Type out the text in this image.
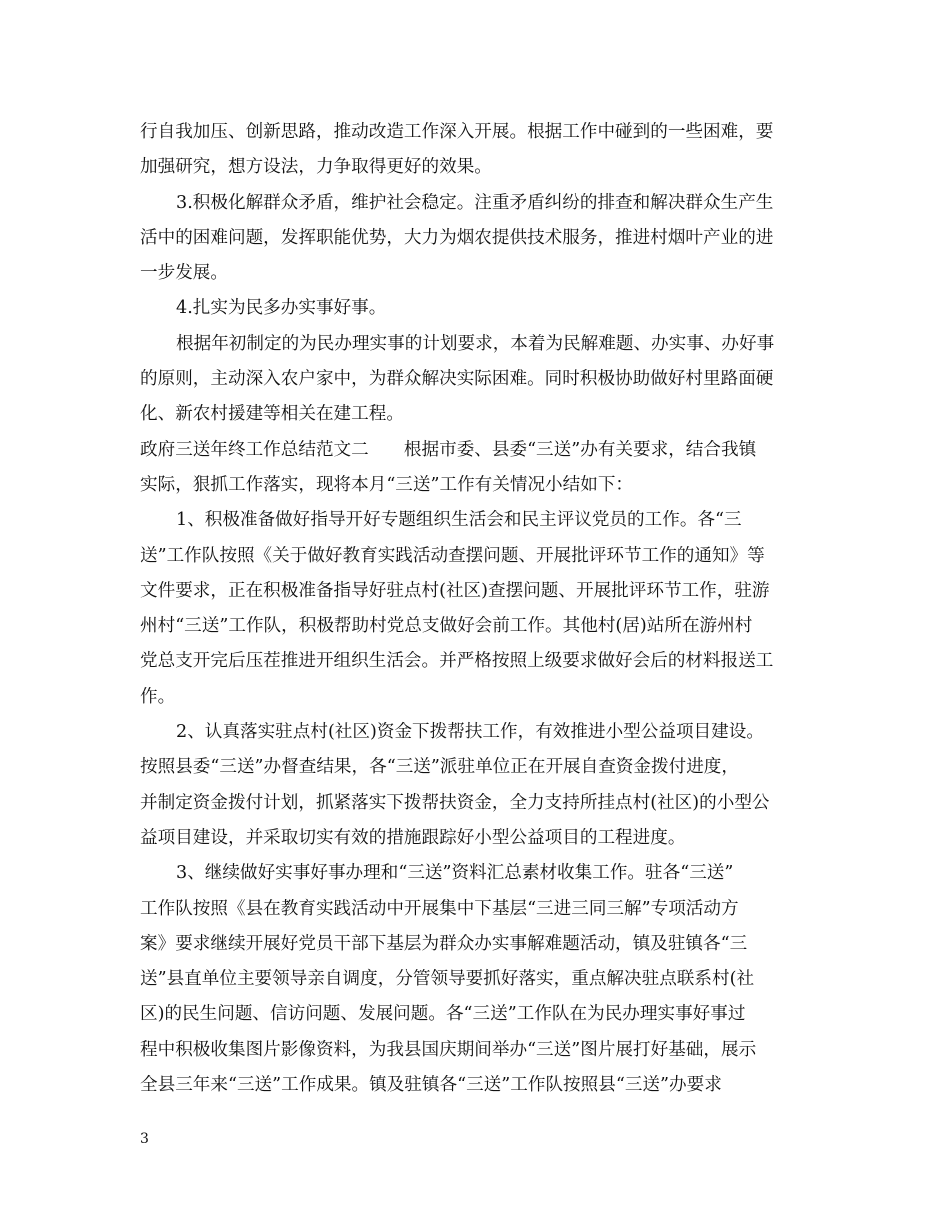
行自我加压、创新思路，推动改造工作深入开展。根据工作中碰到的一些困难，要
加强研究，想方设法，力争取得更好的效果。
3.积极化解群众矛盾，维护社会稳定。注重矛盾纠纷的排查和解决群众生产生
活中的困难问题，发挥职能优势，大力为烟农提供技术服务，推进村烟叶产业的进
一步发展。
4.扎实为民多办实事好事。
根据年初制定的为民办理实事的计划要求，本着为民解难题、办实事、办好事
的原则，主动深入农户家中，为群众解决实际困难。同时积极协助做好村里路面硬
化、新农村援建等相关在建工程。
政府三送年终工作总结范文二　　根据市委、县委“三送”办有关要求，结合我镇
实际，狠抓工作落实，现将本月“三送”工作有关情况小结如下：
1、积极准备做好指导开好专题组织生活会和民主评议党员的工作。各“三
送”工作队按照《关于做好教育实践活动查摆问题、开展批评环节工作的通知》等
文件要求，正在积极准备指导好驻点村(社区)查摆问题、开展批评环节工作，驻游
州村“三送”工作队，积极帮助村党总支做好会前工作。其他村(居)站所在游州村
党总支开完后压茬推进开组织生活会。并严格按照上级要求做好会后的材料报送工
作。
2、认真落实驻点村(社区)资金下拨帮扶工作，有效推进小型公益项目建设。
按照县委“三送”办督查结果，各“三送”派驻单位正在开展自查资金拨付进度，
并制定资金拨付计划，抓紧落实下拨帮扶资金，全力支持所挂点村(社区)的小型公
益项目建设，并采取切实有效的措施跟踪好小型公益项目的工程进度。
3、继续做好实事好事办理和“三送”资料汇总素材收集工作。驻各“三送”
工作队按照《县在教育实践活动中开展集中下基层“三进三同三解”专项活动方
案》要求继续开展好党员干部下基层为群众办实事解难题活动，镇及驻镇各“三
送”县直单位主要领导亲自调度，分管领导要抓好落实，重点解决驻点联系村(社
区)的民生问题、信访问题、发展问题。各“三送”工作队在为民办理实事好事过
程中积极收集图片影像资料，为我县国庆期间举办“三送”图片展打好基础，展示
全县三年来“三送”工作成果。镇及驻镇各“三送”工作队按照县“三送”办要求
3
